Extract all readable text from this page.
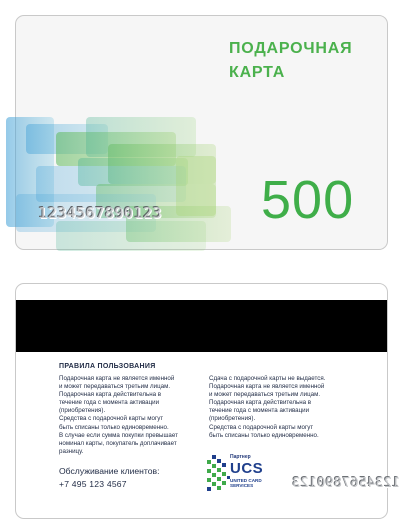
ПОДАРОЧНАЯ
КАРТА
500
1234567890123
ПРАВИЛА ПОЛЬЗОВАНИЯ

Подарочная карта не является именной

и может передаваться третьим лицам.

Подарочная карта действительна в

течение года с момента активации

(приобретения).

Средства с подарочной карты могут

быть списаны только единовременно.

В случае если сумма покупки превышает

номинал карты, покупатель доплачивает

разницу.

Сдача с подарочной карты не выдается.

Подарочная карта не является именной

и может передаваться третьим лицам.

Подарочная карта действительна в

течение года с момента активации

(приобретения).

Средства с подарочной карты могут

быть списаны только единовременно.

Обслуживание клиентов:
+7 495 123 4567
Партнер
UCS
UNITED CARD SERVICES	1234567890123
